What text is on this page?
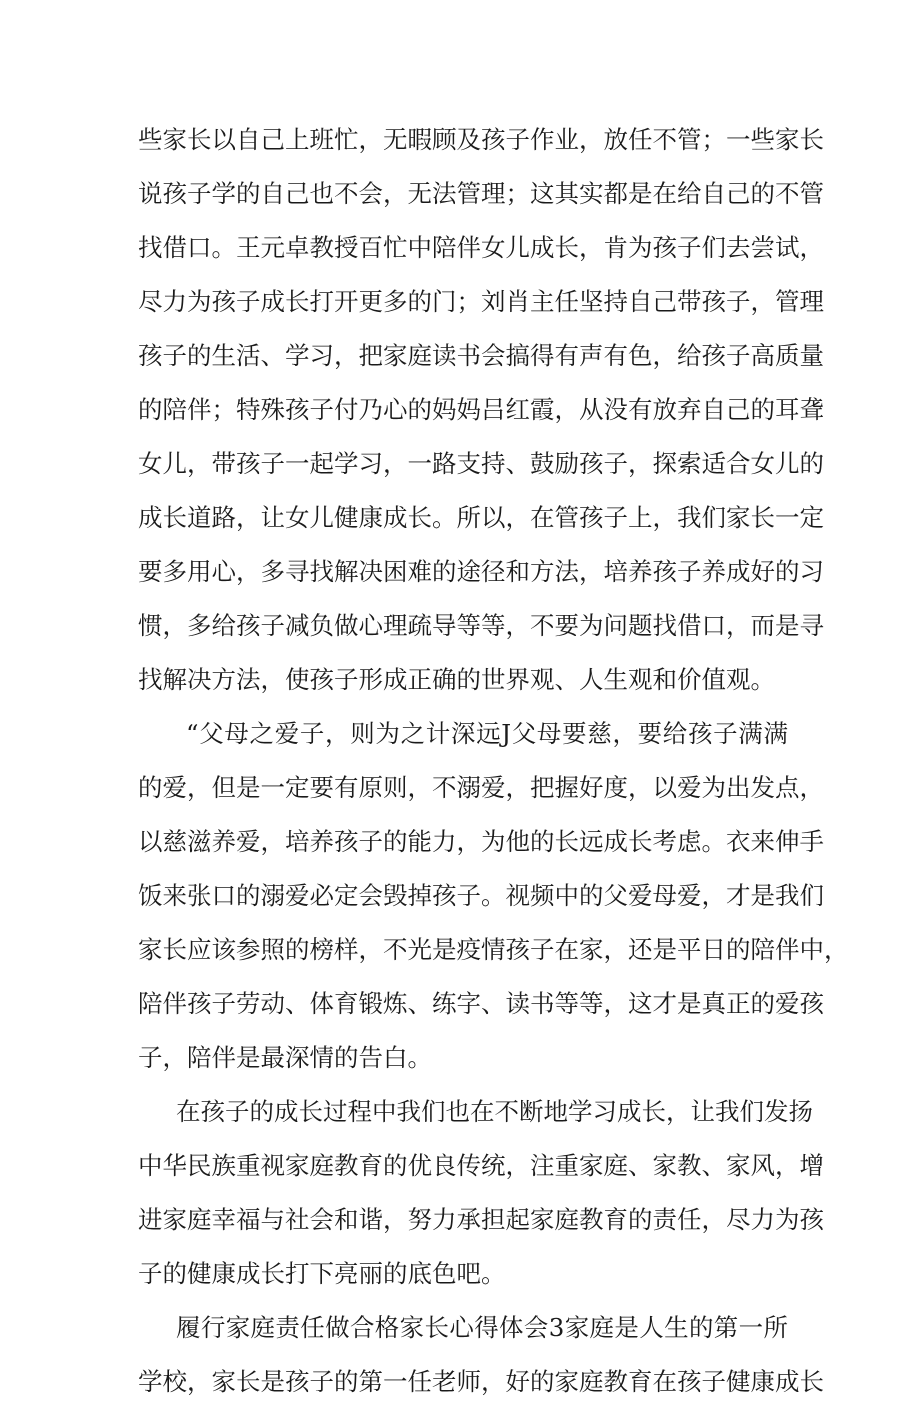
些家长以自己上班忙，无暇顾及孩子作业，放任不管；一些家长
说孩子学的自己也不会，无法管理；这其实都是在给自己的不管
找借口。王元卓教授百忙中陪伴女儿成长，肯为孩子们去尝试，
尽力为孩子成长打开更多的门；刘肖主任坚持自己带孩子，管理
孩子的生活、学习，把家庭读书会搞得有声有色，给孩子高质量
的陪伴；特殊孩子付乃心的妈妈吕红霞，从没有放弃自己的耳聋
女儿，带孩子一起学习，一路支持、鼓励孩子，探索适合女儿的
成长道路，让女儿健康成长。所以，在管孩子上，我们家长一定
要多用心，多寻找解决困难的途径和方法，培养孩子养成好的习
惯，多给孩子减负做心理疏导等等，不要为问题找借口，而是寻
找解决方法，使孩子形成正确的世界观、人生观和价值观。
“父母之爱子，则为之计深远J父母要慈，要给孩子满满
的爱，但是一定要有原则，不溺爱，把握好度，以爱为出发点，
以慈滋养爱，培养孩子的能力，为他的长远成长考虑。衣来伸手
饭来张口的溺爱必定会毁掉孩子。视频中的父爱母爱，才是我们
家长应该参照的榜样，不光是疫情孩子在家，还是平日的陪伴中，
陪伴孩子劳动、体育锻炼、练字、读书等等，这才是真正的爱孩
子，陪伴是最深情的告白。
在孩子的成长过程中我们也在不断地学习成长，让我们发扬
中华民族重视家庭教育的优良传统，注重家庭、家教、家风，增
进家庭幸福与社会和谐，努力承担起家庭教育的责任，尽力为孩
子的健康成长打下亮丽的底色吧。
履行家庭责任做合格家长心得体会3家庭是人生的第一所
学校，家长是孩子的第一任老师，好的家庭教育在孩子健康成长
